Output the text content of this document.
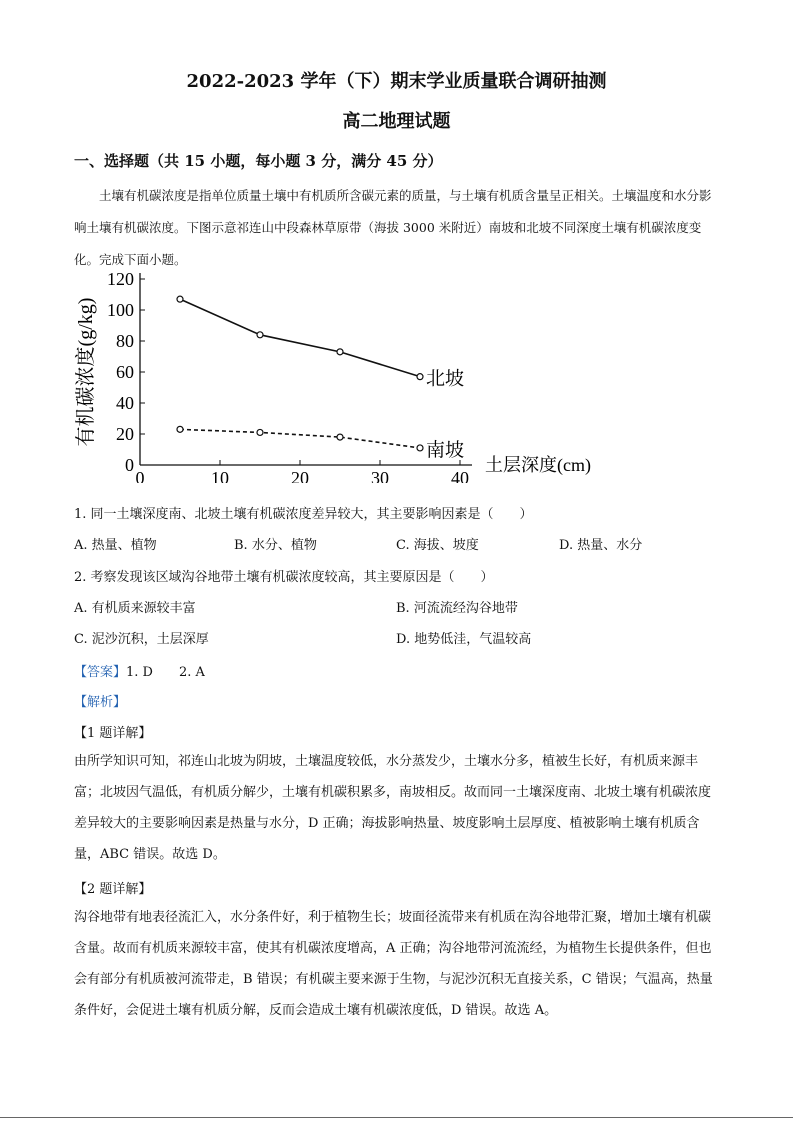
2022-2023 学年（下）期末学业质量联合调研抽测
高二地理试题
一、选择题（共 15 小题，每小题 3 分，满分 45 分）
土壤有机碳浓度是指单位质量土壤中有机质所含碳元素的质量，与土壤有机质含量呈正相关。土壤温度和水分影响土壤有机碳浓度。下图示意祁连山中段森林草原带（海拔 3000 米附近）南坡和北坡不同深度土壤有机碳浓度变化。完成下面小题。
0
20
40
60
80
100
120
0	10	20	30	40
土层深度(cm)
有机碳浓度(g/kg)	北坡
南坡
1. 同一土壤深度南、北坡土壤有机碳浓度差异较大，其主要影响因素是（　　）
A. 热量、植物	B. 水分、植物	C. 海拔、坡度	D. 热量、水分
2. 考察发现该区域沟谷地带土壤有机碳浓度较高，其主要原因是（　　）
A. 有机质来源较丰富	B. 河流流经沟谷地带
C. 泥沙沉积，土层深厚	D. 地势低洼，气温较高
【答案】1. D　　2. A
【解析】
【1 题详解】
由所学知识可知，祁连山北坡为阴坡，土壤温度较低，水分蒸发少，土壤水分多，植被生长好，有机质来源丰富；北坡因气温低，有机质分解少，土壤有机碳积累多，南坡相反。故而同一土壤深度南、北坡土壤有机碳浓度差异较大的主要影响因素是热量与水分，D 正确；海拔影响热量、坡度影响土层厚度、植被影响土壤有机质含量，ABC 错误。故选 D。
【2 题详解】
沟谷地带有地表径流汇入，水分条件好，利于植物生长；坡面径流带来有机质在沟谷地带汇聚，增加土壤有机碳含量。故而有机质来源较丰富，使其有机碳浓度增高，A 正确；沟谷地带河流流经，为植物生长提供条件，但也会有部分有机质被河流带走，B 错误；有机碳主要来源于生物，与泥沙沉积无直接关系，C 错误；气温高，热量条件好，会促进土壤有机质分解，反而会造成土壤有机碳浓度低，D 错误。故选 A。
